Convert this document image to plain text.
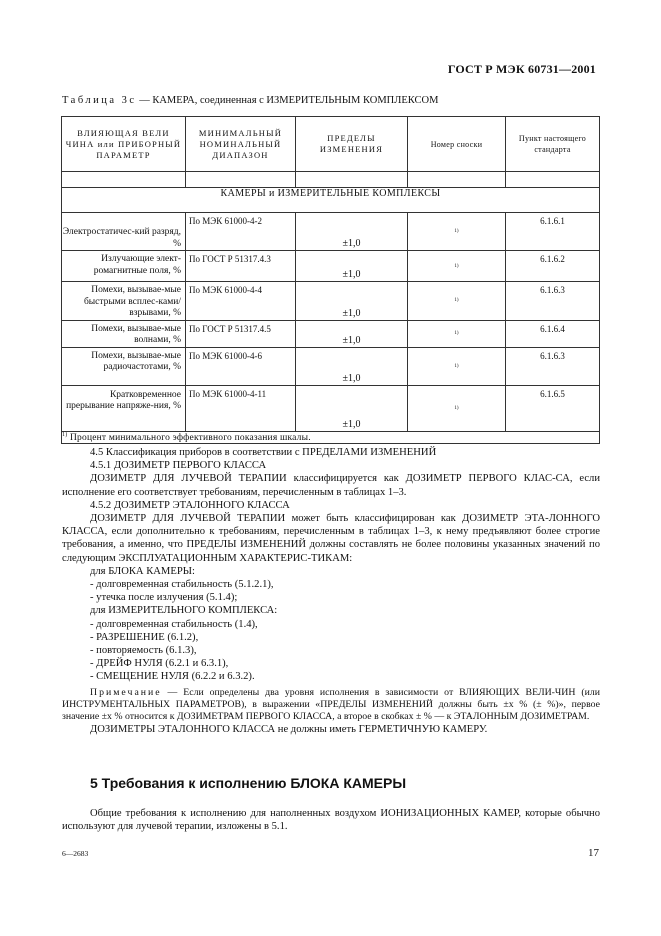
ГОСТ Р МЭК 60731—2001
Таблица 3с — КАМЕРА, соединенная с ИЗМЕРИТЕЛЬНЫМ КОМПЛЕКСОМ
ВЛИЯЮЩАЯ ВЕЛИ ЧИНА или ПРИБОРНЫЙ ПАРАМЕТР	МИНИМАЛЬНЫЙ НОМИНАЛЬНЫЙ ДИАПАЗОН	ПРЕДЕЛЫ ИЗМЕНЕНИЯ	Номер сноски	Пункт настоящего стандарта

КАМЕРЫ и ИЗМЕРИТЕЛЬНЫЕ КОМПЛЕКСЫ				
Электростатичес-кий разряд, %	По МЭК 61000-4-2	±1,0	1)	6.1.6.1
Излучающие элект-ромагнитные поля, %	По ГОСТ Р 51317.4.3	±1,0	1)	6.1.6.2
Помехи, вызывае-мые быстрыми всплес-ками/взрывами, %	По МЭК 61000-4-4	±1,0	1)	6.1.6.3
Помехи, вызывае-мые волнами, %	По ГОСТ Р 51317.4.5	±1,0	1)	6.1.6.4
Помехи, вызывае-мые радиочастотами, %	По МЭК 61000-4-6	±1,0	1)	6.1.6.3
Кратковременное прерывание напряже-ния, %	По МЭК 61000-4-11	±1,0	1)	6.1.6.5
$^{1)}$ Процент минимального эффективного показания шкалы.				

4.5 Классификация приборов в соответствии с ПРЕДЕЛАМИ ИЗМЕНЕНИЙ

4.5.1 ДОЗИМЕТР ПЕРВОГО КЛАССА

ДОЗИМЕТР ДЛЯ ЛУЧЕВОЙ ТЕРАПИИ классифицируется как ДОЗИМЕТР ПЕРВОГО КЛАС-СА, если исполнение его соответствует требованиям, перечисленным в таблицах 1–3.

4.5.2 ДОЗИМЕТР ЭТАЛОННОГО КЛАССА

ДОЗИМЕТР ДЛЯ ЛУЧЕВОЙ ТЕРАПИИ может быть классифицирован как ДОЗИМЕТР ЭТА-ЛОННОГО КЛАССА, если дополнительно к требованиям, перечисленным в таблицах 1–3, к нему предъявляют более строгие требования, а именно, что ПРЕДЕЛЫ ИЗМЕНЕНИЙ должны составлять не более половины указанных значений по следующим ЭКСПЛУАТАЦИОННЫМ ХАРАКТЕРИС-ТИКАМ:

для БЛОКА КАМЕРЫ:

- долговременная стабильность (5.1.2.1),

- утечка после излучения (5.1.4);

для ИЗМЕРИТЕЛЬНОГО КОМПЛЕКСА:

- долговременная стабильность (1.4),

- РАЗРЕШЕНИЕ (6.1.2),

- повторяемость (6.1.3),

- ДРЕЙФ НУЛЯ (6.2.1 и 6.3.1),

- СМЕЩЕНИЕ НУЛЯ (6.2.2 и 6.3.2).

Примечание — Если определены два уровня исполнения в зависимости от ВЛИЯЮЩИХ ВЕЛИ-ЧИН (или ИНСТРУМЕНТАЛЬНЫХ ПАРАМЕТРОВ), в выражении «ПРЕДЕЛЫ ИЗМЕНЕНИЙ должны быть ±x % (± %)», первое значение ±x % относится к ДОЗИМЕТРАМ ПЕРВОГО КЛАССА, а второе в скобках ± % — к ЭТАЛОННЫМ ДОЗИМЕТРАМ.

ДОЗИМЕТРЫ ЭТАЛОННОГО КЛАССА не должны иметь ГЕРМЕТИЧНУЮ КАМЕРУ.

5 Требования к исполнению БЛОКА КАМЕРЫ
Общие требования к исполнению для наполненных воздухом ИОНИЗАЦИОННЫХ КАМЕР, которые обычно используют для лучевой терапии, изложены в 5.1.
6—2683	17
